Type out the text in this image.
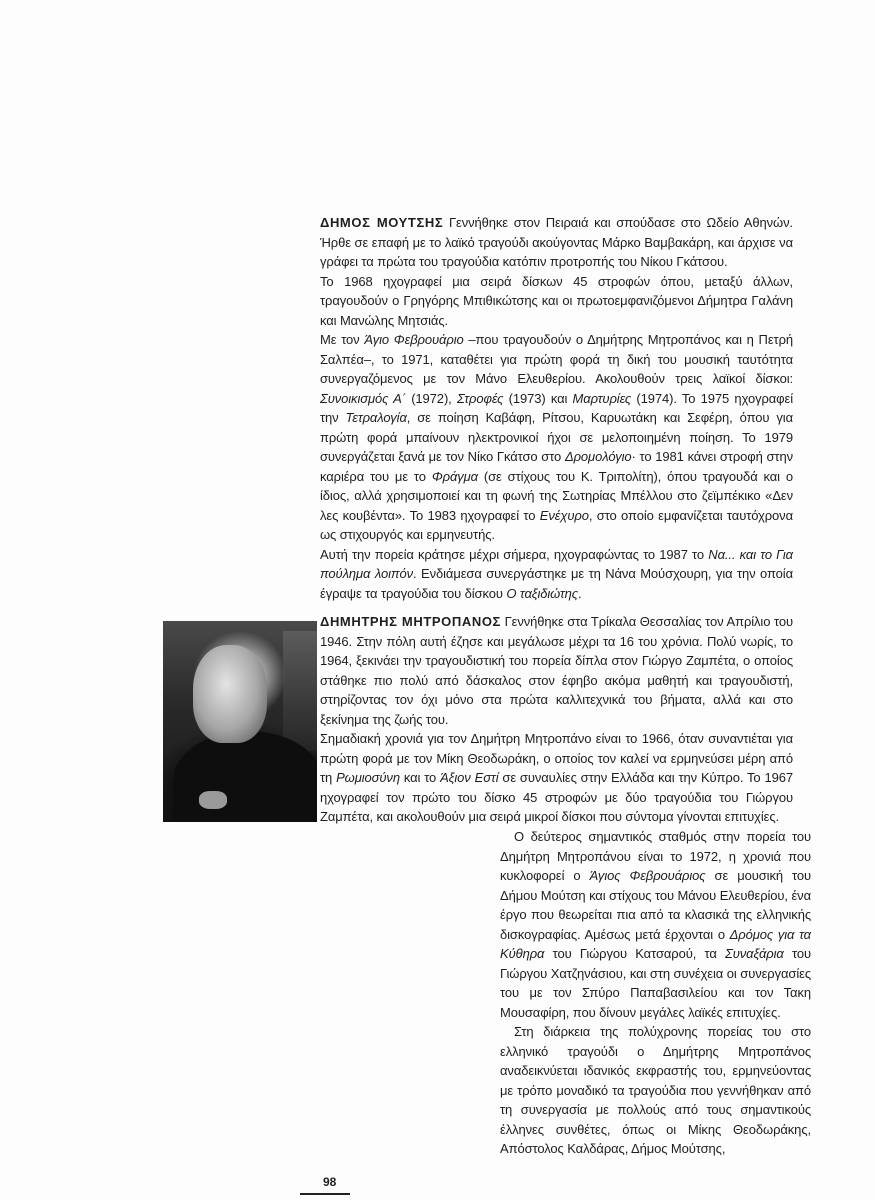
ΔΗΜΟΣ ΜΟΥΤΣΗΣ Γεννήθηκε στον Πειραιά και σπούδασε στο Ωδείο Αθηνών. Ήρθε σε επαφή με το λαϊκό τραγούδι ακούγοντας Μάρκο Βαμβακάρη, και άρχισε να γράφει τα πρώτα του τραγούδια κατόπιν προτροπής του Νίκου Γκάτσου.

Το 1968 ηχογραφεί μια σειρά δίσκων 45 στροφών όπου, μεταξύ άλλων, τραγουδούν ο Γρηγόρης Μπιθικώτσης και οι πρωτοεμφανιζόμενοι Δήμητρα Γαλάνη και Μανώλης Μητσιάς.

Με τον Άγιο Φεβρουάριο –που τραγουδούν ο Δημήτρης Μητροπάνος και η Πετρή Σαλπέα–, το 1971, καταθέτει για πρώτη φορά τη δική του μουσική ταυτότητα συνεργαζόμενος με τον Μάνο Ελευθερίου. Ακολουθούν τρεις λαϊκοί δίσκοι: Συνοικισμός Α΄ (1972), Στροφές (1973) και Μαρτυρίες (1974). Το 1975 ηχογραφεί την Τετραλογία, σε ποίηση Καβάφη, Ρίτσου, Καρυωτάκη και Σεφέρη, όπου για πρώτη φορά μπαίνουν ηλεκτρονικοί ήχοι σε μελοποιημένη ποίηση. Το 1979 συνεργάζεται ξανά με τον Νίκο Γκάτσο στο Δρομολόγιο· το 1981 κάνει στροφή στην καριέρα του με το Φράγμα (σε στίχους του Κ. Τριπολίτη), όπου τραγουδά και ο ίδιος, αλλά χρησιμοποιεί και τη φωνή της Σωτηρίας Μπέλλου στο ζεϊμπέκικο «Δεν λες κουβέντα». Το 1983 ηχογραφεί το Ενέχυρο, στο οποίο εμφανίζεται ταυτόχρονα ως στιχουργός και ερμηνευτής.

Αυτή την πορεία κράτησε μέχρι σήμερα, ηχογραφώντας το 1987 το Να... και το Για πούλημα λοιπόν. Ενδιάμεσα συνεργάστηκε με τη Νάνα Μούσχουρη, για την οποία έγραψε τα τραγούδια του δίσκου Ο ταξιδιώτης.

ΔΗΜΗΤΡΗΣ ΜΗΤΡΟΠΑΝΟΣ Γεννήθηκε στα Τρίκαλα Θεσσαλίας τον Απρίλιο του 1946. Στην πόλη αυτή έζησε και μεγάλωσε μέχρι τα 16 του χρόνια. Πολύ νωρίς, το 1964, ξεκινάει την τραγουδιστική του πορεία δίπλα στον Γιώργο Ζαμπέτα, ο οποίος στάθηκε πιο πολύ από δάσκαλος στον έφηβο ακόμα μαθητή και τραγουδιστή, στηρίζοντας τον όχι μόνο στα πρώτα καλλιτεχνικά του βήματα, αλλά και στο ξεκίνημα της ζωής του.

Σημαδιακή χρονιά για τον Δημήτρη Μητροπάνο είναι το 1966, όταν συναντιέται για πρώτη φορά με τον Μίκη Θεοδωράκη, ο οποίος τον καλεί να ερμηνεύσει μέρη από τη Ρωμιοσύνη και το Άξιον Εστί σε συναυλίες στην Ελλάδα και την Κύπρο. Το 1967 ηχογραφεί τον πρώτο του δίσκο 45 στροφών με δύο τραγούδια του Γιώργου Ζαμπέτα, και ακολουθούν μια σειρά μικροί δίσκοι που σύντομα γίνονται επιτυχίες.

Ο δεύτερος σημαντικός σταθμός στην πορεία του Δημήτρη Μητροπάνου είναι το 1972, η χρονιά που κυκλοφορεί ο Άγιος Φεβρουάριος σε μουσική του Δήμου Μούτση και στίχους του Μάνου Ελευθερίου, ένα έργο που θεωρείται πια από τα κλασικά της ελληνικής δισκογραφίας. Αμέσως μετά έρχονται ο Δρόμος για τα Κύθηρα του Γιώργου Κατσαρού, τα Συναξάρια του Γιώργου Χατζηνάσιου, και στη συνέχεια οι συνεργασίες του με τον Σπύρο Παπαβασιλείου και τον Τακη Μουσαφίρη, που δίνουν μεγάλες λαϊκές επιτυχίες.

Στη διάρκεια της πολύχρονης πορείας του στο ελληνικό τραγούδι ο Δημήτρης Μητροπάνος αναδεικνύεται ιδανικός εκφραστής του, ερμηνεύοντας με τρόπο μοναδικό τα τραγούδια που γεννήθηκαν από τη συνεργασία με πολλούς από τους σημαντικούς έλληνες συνθέτες, όπως οι Μίκης Θεοδωράκης, Απόστολος Καλδάρας, Δήμος Μούτσης,

98
